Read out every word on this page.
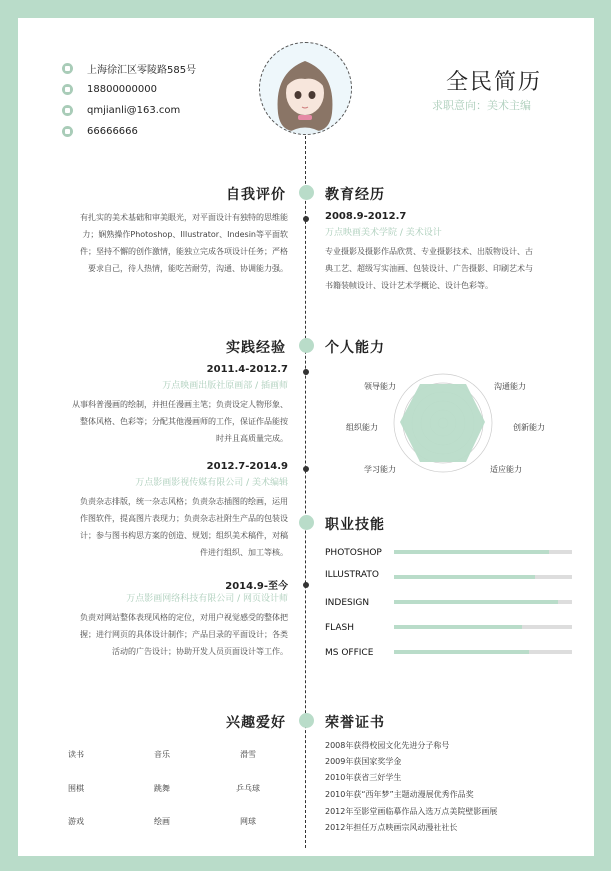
上海徐汇区零陵路585号
18800000000
qmjianli@163.com
66666666
全民简历
求职意向：美术主编
自我评价	教育经历
实践经验	个人能力
职业技能
兴趣爱好	荣誉证书
有扎实的美术基础和审美眼光，对平面设计有独特的思维能
力；娴熟操作Photoshop、Illustrator、Indesin等平面软
件；坚持不懈的创作激情，能独立完成各项设计任务；严格
要求自己，待人热情，能吃苦耐劳，沟通、协调能力强。
2008.9-2012.7
万点映画美术学院 / 美术设计
专业摄影及摄影作品欣赏、专业摄影技术、出版物设计、古
典工艺、超级写实油画、包装设计、广告摄影、印刷艺术与
书籍装帧设计、设计艺术学概论、设计色彩等。
2011.4-2012.7
万点映画出版社原画部 / 插画师
从事科普漫画的绘制，并担任漫画主笔；负责设定人物形象、
整体风格、色彩等；分配其他漫画师的工作，保证作品能按
时并且高质量完成。
2012.7-2014.9
万点影画影视传媒有限公司 / 美术编辑
负责杂志排版，统一杂志风格；负责杂志插图的绘画，运用
作图软件，提高图片表现力；负责杂志社附生产品的包装设
计；参与图书构思方案的创造、规划；组织美术稿件，对稿
件进行组织、加工等核。
2014.9-至今
万点影画网络科技有限公司 / 网页设计师
负责对网站整体表现风格的定位，对用户视觉感受的整体把
握；进行网页的具体设计制作；产品目录的平面设计；各类
活动的广告设计；协助开发人员页面设计等工作。
领导能力	沟通能力
组织能力	创新能力
学习能力	适应能力
PHOTOSHOP
ILLUSTRATO
INDESIGN
FLASH
MS OFFICE
读书	音乐	滑雪
围棋	跳舞	乒乓球
游戏	绘画	网球
2008年获得校园文化先进分子称号
2009年获国家奖学金
2010年获省三好学生
2010年获“西年梦”主题动漫展优秀作品奖
2012年至影堂画临摹作品入选万点美院壁影画展
2012年担任万点映画宗风动漫社社长
